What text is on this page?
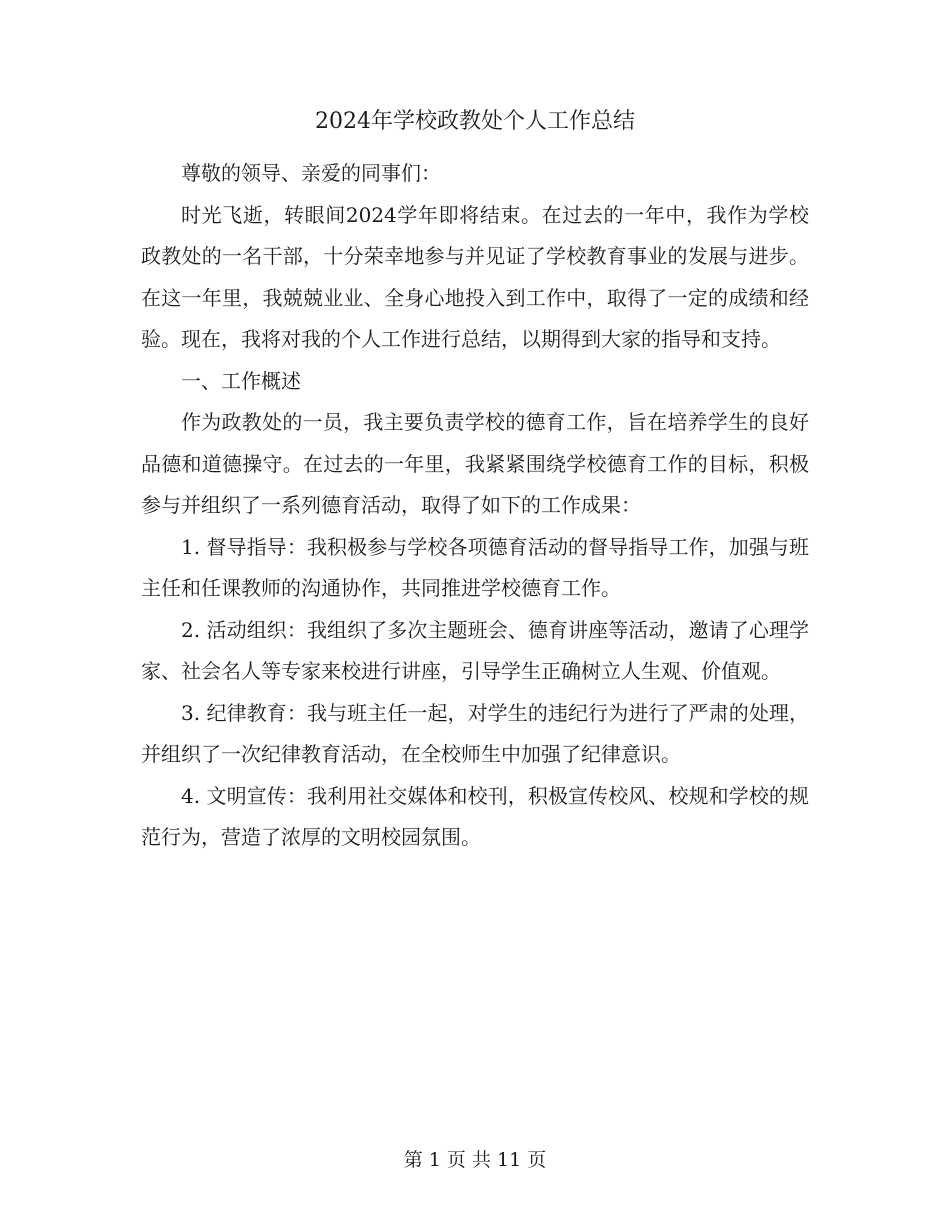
2024年学校政教处个人工作总结

尊敬的领导、亲爱的同事们：

时光飞逝，转眼间2024学年即将结束。在过去的一年中，我作为学校政教处的一名干部，十分荣幸地参与并见证了学校教育事业的发展与进步。在这一年里，我兢兢业业、全身心地投入到工作中，取得了一定的成绩和经验。现在，我将对我的个人工作进行总结，以期得到大家的指导和支持。

一、工作概述

作为政教处的一员，我主要负责学校的德育工作，旨在培养学生的良好品德和道德操守。在过去的一年里，我紧紧围绕学校德育工作的目标，积极参与并组织了一系列德育活动，取得了如下的工作成果：

1. 督导指导：我积极参与学校各项德育活动的督导指导工作，加强与班主任和任课教师的沟通协作，共同推进学校德育工作。

2. 活动组织：我组织了多次主题班会、德育讲座等活动，邀请了心理学家、社会名人等专家来校进行讲座，引导学生正确树立人生观、价值观。

3. 纪律教育：我与班主任一起，对学生的违纪行为进行了严肃的处理，并组织了一次纪律教育活动，在全校师生中加强了纪律意识。

4. 文明宣传：我利用社交媒体和校刊，积极宣传校风、校规和学校的规范行为，营造了浓厚的文明校园氛围。

第 1 页 共 11 页
